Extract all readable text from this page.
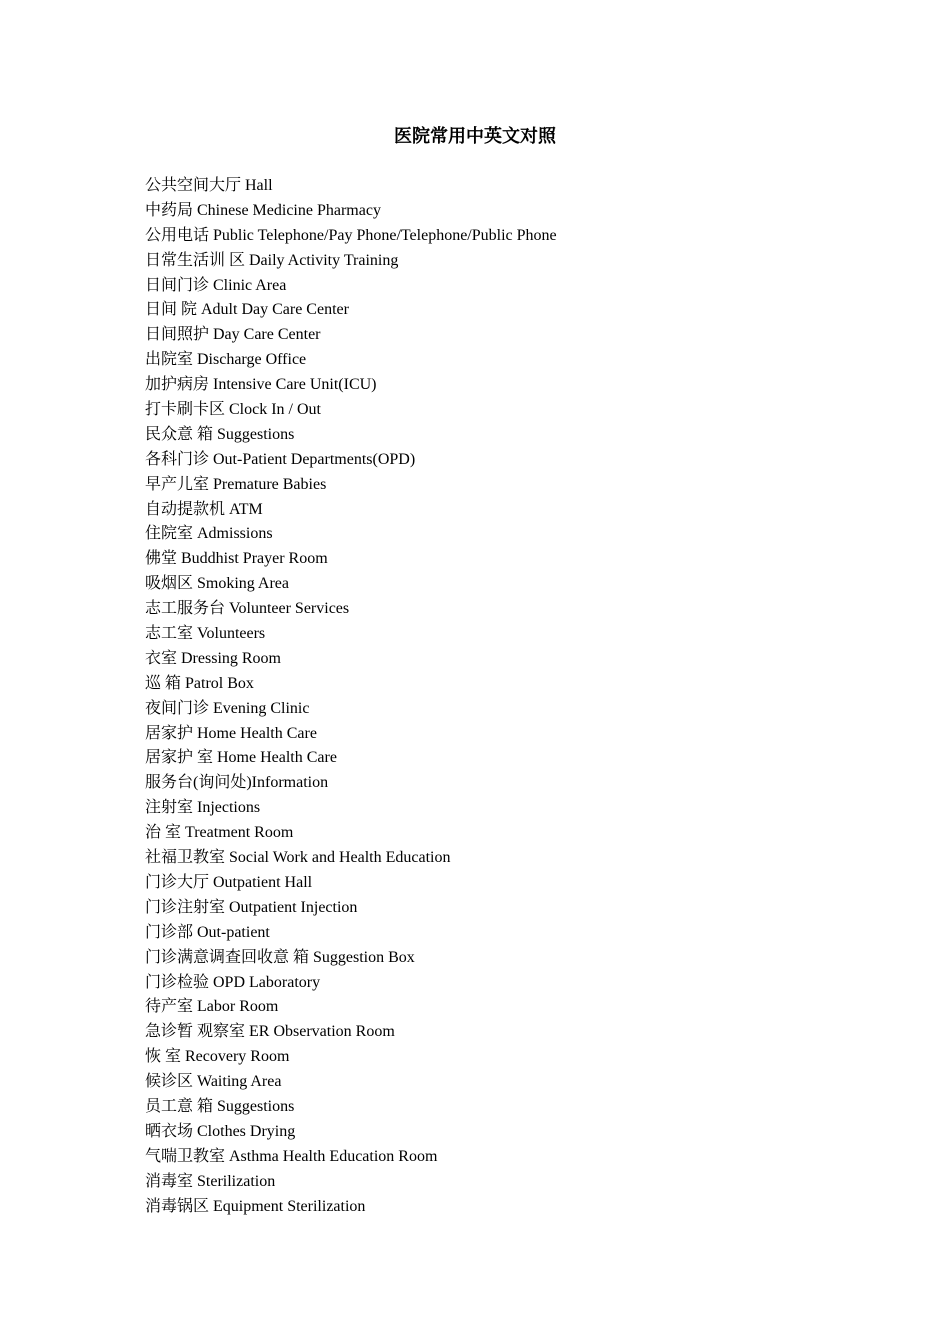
医院常用中英文对照
公共空间大厅 Hall
中药局 Chinese Medicine Pharmacy
公用电话 Public Telephone/Pay Phone/Telephone/Public Phone
日常生活训 区 Daily Activity Training
日间门诊 Clinic Area
日间 院 Adult Day Care Center
日间照护 Day Care Center
出院室 Discharge Office
加护病房 Intensive Care Unit(ICU)
打卡刷卡区 Clock In / Out
民众意 箱 Suggestions
各科门诊 Out-Patient Departments(OPD)
早产儿室 Premature Babies
自动提款机 ATM
住院室 Admissions
佛堂 Buddhist Prayer Room
吸烟区 Smoking Area
志工服务台 Volunteer Services
志工室 Volunteers
衣室 Dressing Room
巡 箱 Patrol Box
夜间门诊 Evening Clinic
居家护 Home Health Care
居家护 室 Home Health Care
服务台(询问处)Information
注射室 Injections
治 室 Treatment Room
社福卫教室 Social Work and Health Education
门诊大厅 Outpatient Hall
门诊注射室 Outpatient Injection
门诊部 Out-patient
门诊满意调查回收意 箱 Suggestion Box
门诊检验 OPD Laboratory
待产室 Labor Room
急诊暂 观察室 ER Observation Room
恢 室 Recovery Room
候诊区 Waiting Area
员工意 箱 Suggestions
晒衣场 Clothes Drying
气喘卫教室 Asthma Health Education Room
消毒室 Sterilization
消毒锅区 Equipment Sterilization
